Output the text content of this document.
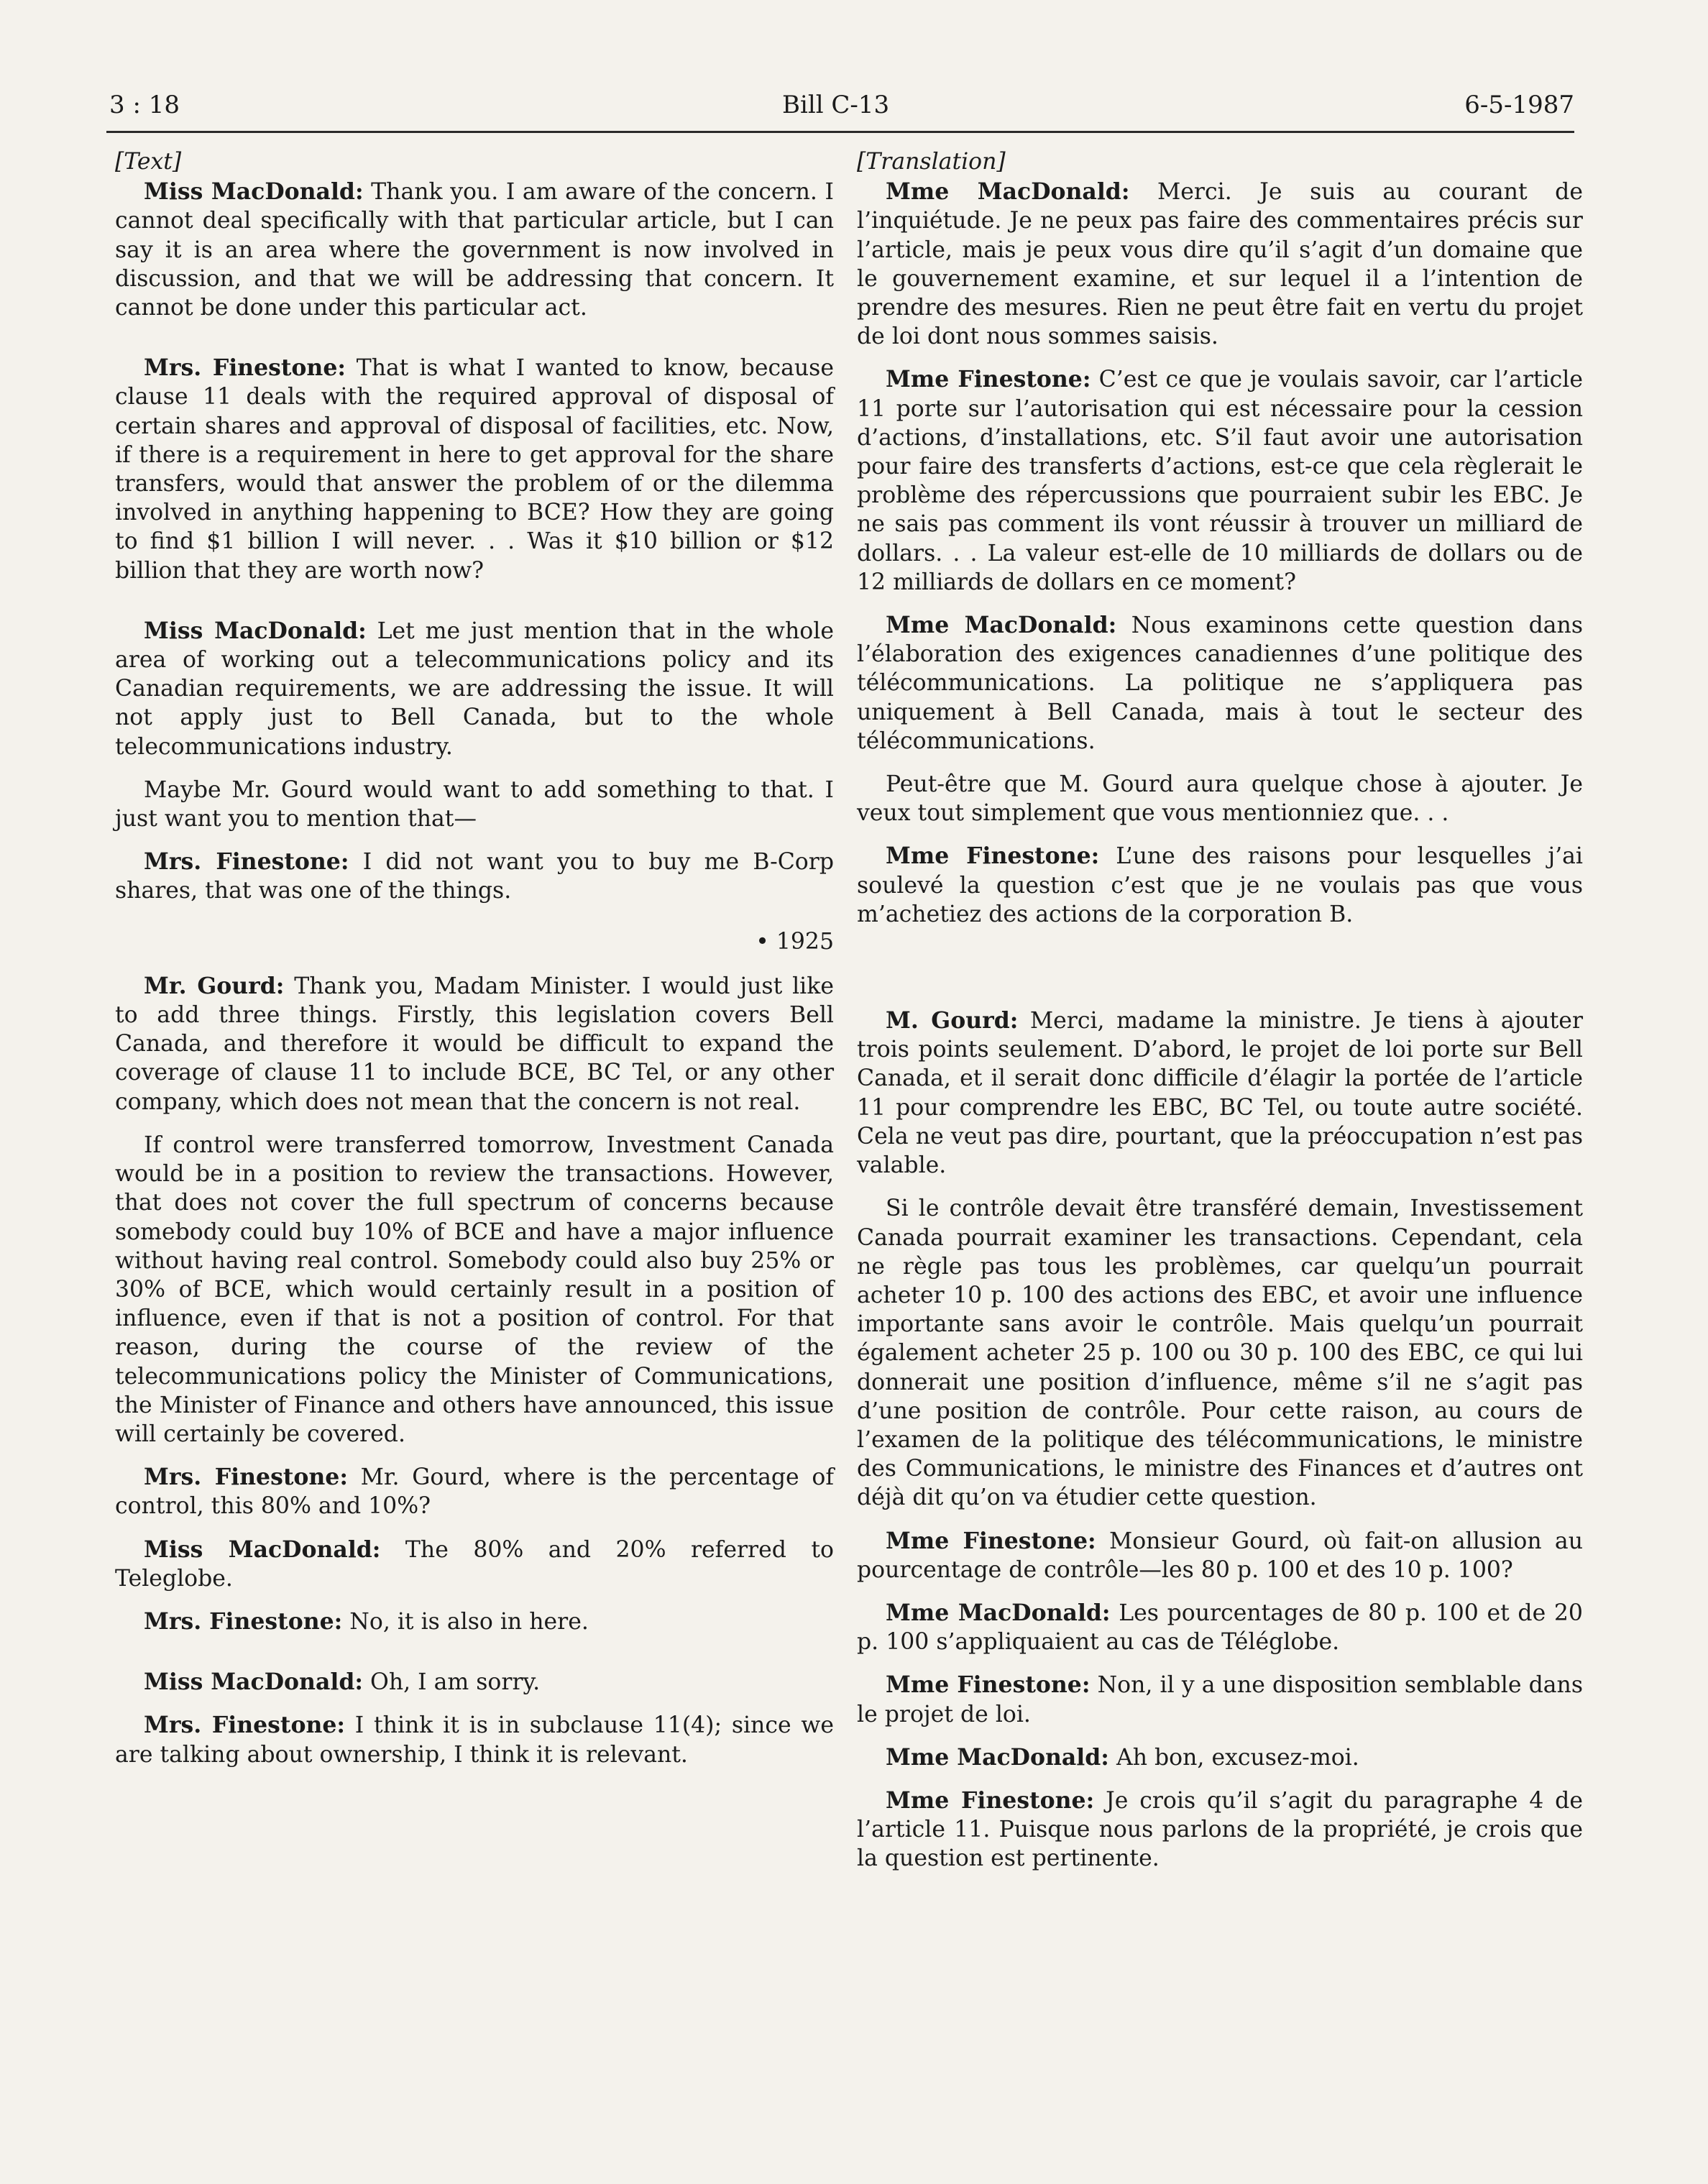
3 : 18	Bill C-13	6-5-1987
[Text]

Miss MacDonald: Thank you. I am aware of the concern. I cannot deal specifically with that particular article, but I can say it is an area where the government is now involved in discussion, and that we will be addressing that concern. It cannot be done under this particular act.

Mrs. Finestone: That is what I wanted to know, because clause 11 deals with the required approval of disposal of certain shares and approval of disposal of facilities, etc. Now, if there is a requirement in here to get approval for the share transfers, would that answer the problem of or the dilemma involved in anything happening to BCE? How they are going to find $1 billion I will never. . . Was it $10 billion or $12 billion that they are worth now?

Miss MacDonald: Let me just mention that in the whole area of working out a telecommunications policy and its Canadian requirements, we are addressing the issue. It will not apply just to Bell Canada, but to the whole telecommunications industry.

Maybe Mr. Gourd would want to add something to that. I just want you to mention that—

Mrs. Finestone: I did not want you to buy me B-Corp shares, that was one of the things.

• 1925

Mr. Gourd: Thank you, Madam Minister. I would just like to add three things. Firstly, this legislation covers Bell Canada, and therefore it would be difficult to expand the coverage of clause 11 to include BCE, BC Tel, or any other company, which does not mean that the concern is not real.

If control were transferred tomorrow, Investment Canada would be in a position to review the transactions. However, that does not cover the full spectrum of concerns because somebody could buy 10% of BCE and have a major influence without having real control. Somebody could also buy 25% or 30% of BCE, which would certainly result in a position of influence, even if that is not a position of control. For that reason, during the course of the review of the telecommunications policy the Minister of Communications, the Minister of Finance and others have announced, this issue will certainly be covered.

Mrs. Finestone: Mr. Gourd, where is the percentage of control, this 80% and 10%?

Miss MacDonald: The 80% and 20% referred to Teleglobe.

Mrs. Finestone: No, it is also in here.

Miss MacDonald: Oh, I am sorry.

Mrs. Finestone: I think it is in subclause 11(4); since we are talking about ownership, I think it is relevant.

[Translation]

Mme MacDonald: Merci. Je suis au courant de l’inquiétude. Je ne peux pas faire des commentaires précis sur l’article, mais je peux vous dire qu’il s’agit d’un domaine que le gouvernement examine, et sur lequel il a l’intention de prendre des mesures. Rien ne peut être fait en vertu du projet de loi dont nous sommes saisis.

Mme Finestone: C’est ce que je voulais savoir, car l’article 11 porte sur l’autorisation qui est nécessaire pour la cession d’actions, d’installations, etc. S’il faut avoir une autorisation pour faire des transferts d’actions, est-ce que cela règlerait le problème des répercussions que pourraient subir les EBC. Je ne sais pas comment ils vont réussir à trouver un milliard de dollars. . . La valeur est-elle de 10 milliards de dollars ou de 12 milliards de dollars en ce moment?

Mme MacDonald: Nous examinons cette question dans l’élaboration des exigences canadiennes d’une politique des télécommunications. La politique ne s’appliquera pas uniquement à Bell Canada, mais à tout le secteur des télécommunications.

Peut-être que M. Gourd aura quelque chose à ajouter. Je veux tout simplement que vous mentionniez que. . .

Mme Finestone: L’une des raisons pour lesquelles j’ai soulevé la question c’est que je ne voulais pas que vous m’achetiez des actions de la corporation B.

M. Gourd: Merci, madame la ministre. Je tiens à ajouter trois points seulement. D’abord, le projet de loi porte sur Bell Canada, et il serait donc difficile d’élagir la portée de l’article 11 pour comprendre les EBC, BC Tel, ou toute autre société. Cela ne veut pas dire, pourtant, que la préoccupation n’est pas valable.

Si le contrôle devait être transféré demain, Investissement Canada pourrait examiner les transactions. Cependant, cela ne règle pas tous les problèmes, car quelqu’un pourrait acheter 10 p. 100 des actions des EBC, et avoir une influence importante sans avoir le contrôle. Mais quelqu’un pourrait également acheter 25 p. 100 ou 30 p. 100 des EBC, ce qui lui donnerait une position d’influence, même s’il ne s’agit pas d’une position de contrôle. Pour cette raison, au cours de l’examen de la politique des télécommunications, le ministre des Communications, le ministre des Finances et d’autres ont déjà dit qu’on va étudier cette question.

Mme Finestone: Monsieur Gourd, où fait-on allusion au pourcentage de contrôle—les 80 p. 100 et des 10 p. 100?

Mme MacDonald: Les pourcentages de 80 p. 100 et de 20 p. 100 s’appliquaient au cas de Téléglobe.

Mme Finestone: Non, il y a une disposition semblable dans le projet de loi.

Mme MacDonald: Ah bon, excusez-moi.

Mme Finestone: Je crois qu’il s’agit du paragraphe 4 de l’article 11. Puisque nous parlons de la propriété, je crois que la question est pertinente.
